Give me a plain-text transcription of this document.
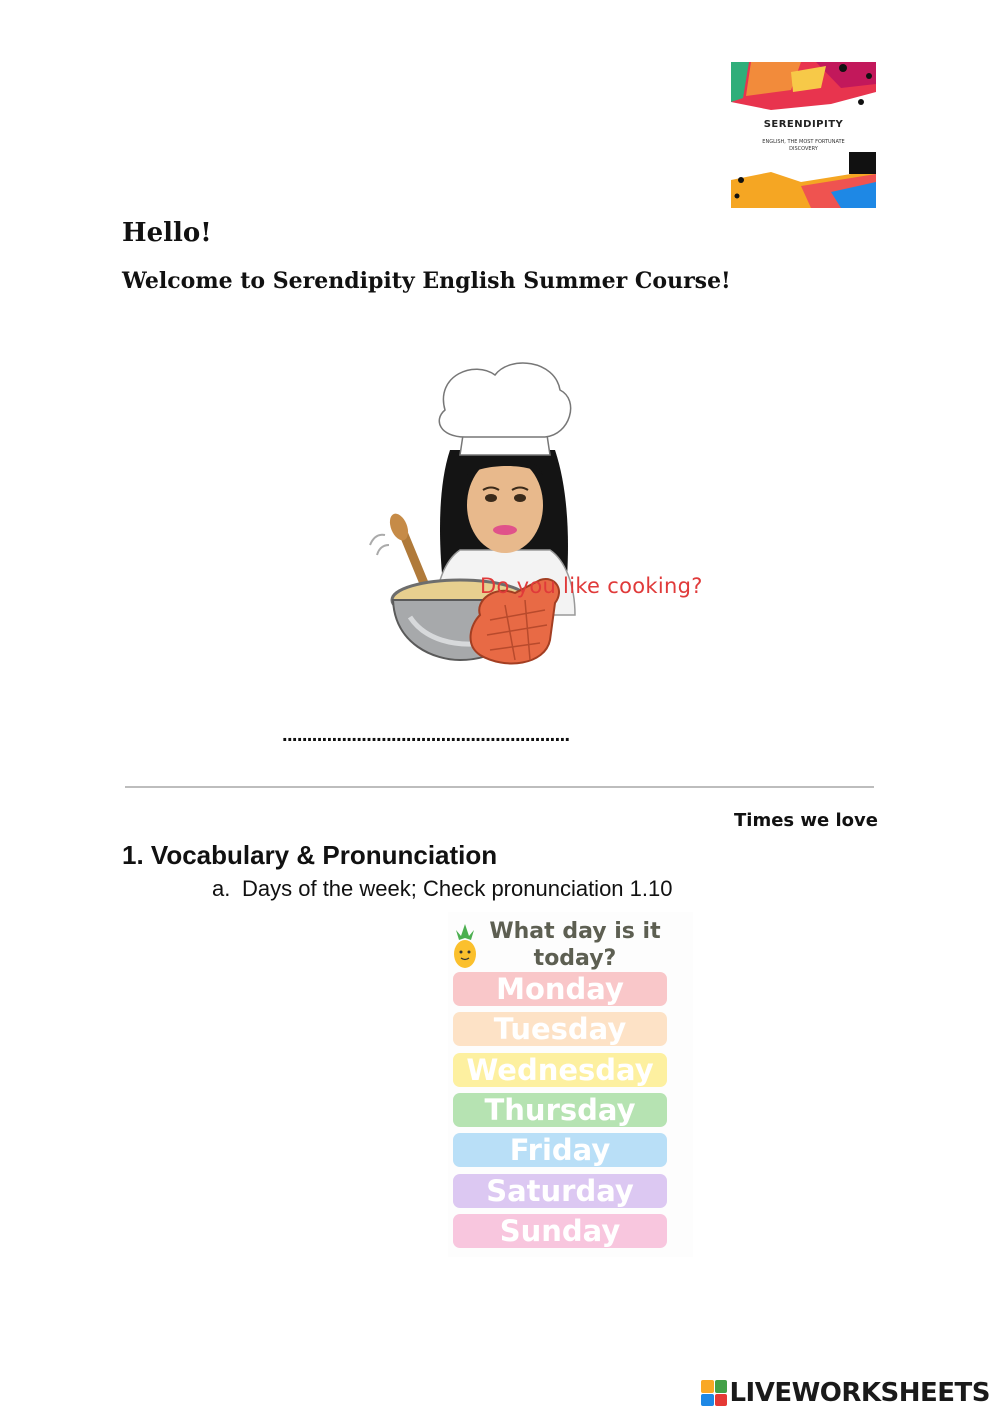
SERENDIPITY
ENGLISH, THE MOST FORTUNATE DISCOVERY
Hello!
Welcome to Serendipity English Summer Course!
Do you like cooking?
..........................................................
Times we love
1. Vocabulary & Pronunciation
a. Days of the week; Check pronunciation 1.10
What day is it today?
Monday
Tuesday
Wednesday
Thursday
Friday
Saturday
Sunday
LIVEWORKSHEETS
